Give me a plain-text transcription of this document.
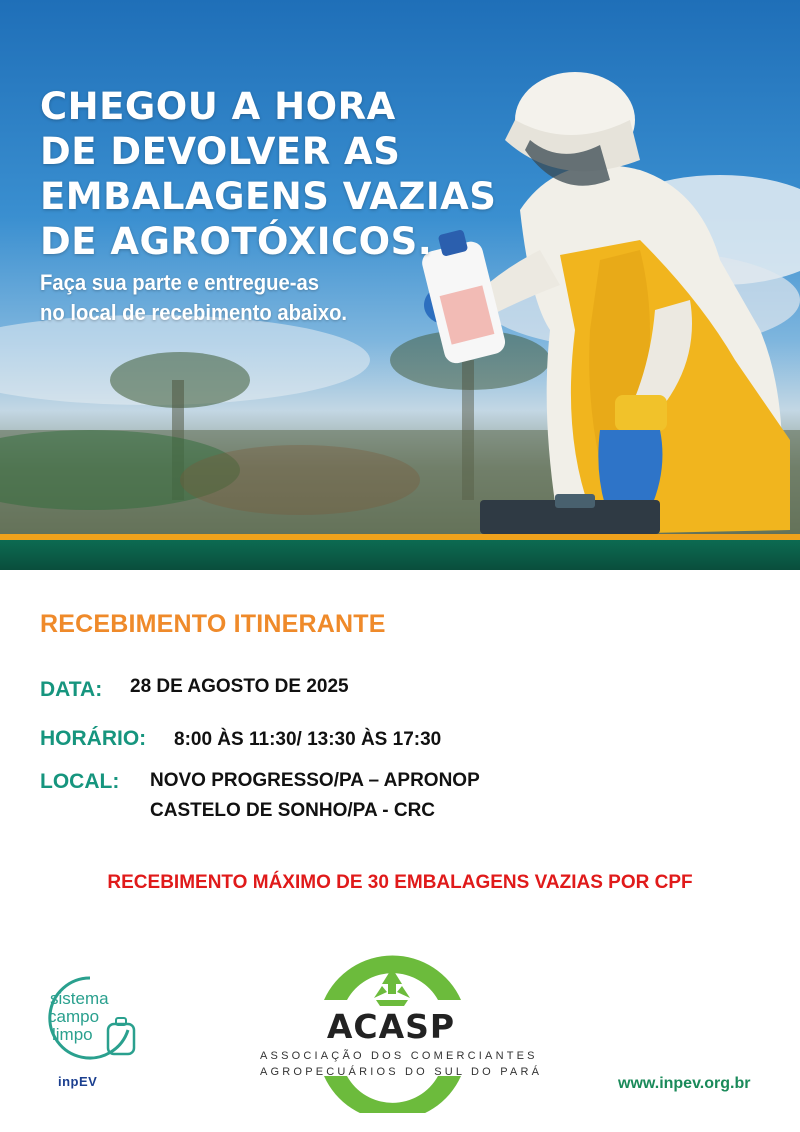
CHEGOU A HORA
DE DEVOLVER AS
EMBALAGENS VAZIAS
DE AGROTÓXICOS.
Faça sua parte e entregue-as
no local de recebimento abaixo.
RECEBIMENTO ITINERANTE
DATA: 28 DE AGOSTO DE 2025
HORÁRIO: 8:00 ÀS 11:30/ 13:30 ÀS 17:30
LOCAL: NOVO PROGRESSO/PA – APRONOP
CASTELO DE SONHO/PA - CRC
RECEBIMENTO MÁXIMO DE 30 EMBALAGENS VAZIAS POR CPF
sistema
campo
limpo
inpEV
ACASP
ASSOCIAÇÃO DOS COMERCIANTES
AGROPECUÁRIOS DO SUL DO PARÁ
www.inpev.org.br
